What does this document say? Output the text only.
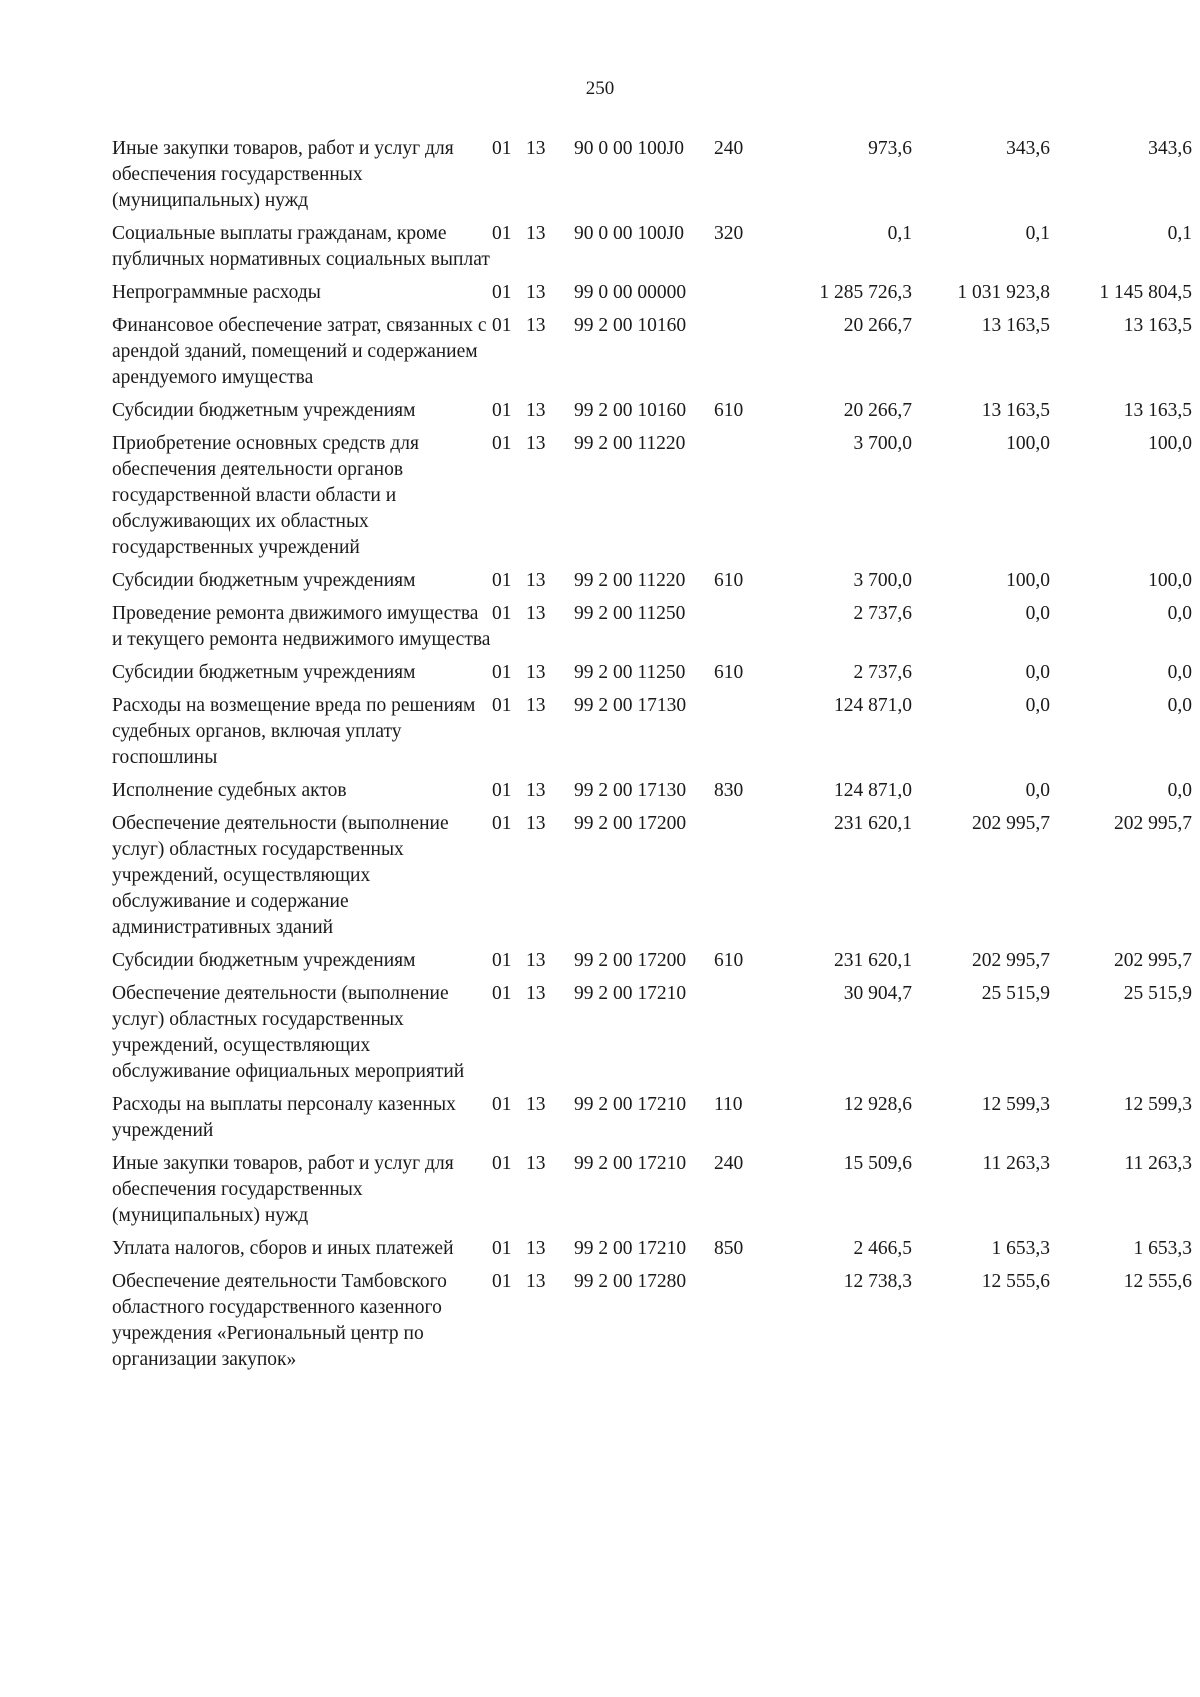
250
Иные закупки товаров, работ и услуг для обеспечения государственных (муниципальных) нужд	01	13	90 0 00 100J0	240	973,6	343,6	343,6
Социальные выплаты гражданам, кроме публичных нормативных социальных выплат	01	13	90 0 00 100J0	320	0,1	0,1	0,1
Непрограммные расходы	01	13	99 0 00 00000		1 285 726,3	1 031 923,8	1 145 804,5
Финансовое обеспечение затрат, связанных с арендой зданий, помещений и содержанием арендуемого имущества	01	13	99 2 00 10160		20 266,7	13 163,5	13 163,5
Субсидии бюджетным учреждениям	01	13	99 2 00 10160	610	20 266,7	13 163,5	13 163,5
Приобретение основных средств для обеспечения деятельности органов государственной власти области и обслуживающих их областных государственных учреждений	01	13	99 2 00 11220		3 700,0	100,0	100,0
Субсидии бюджетным учреждениям	01	13	99 2 00 11220	610	3 700,0	100,0	100,0
Проведение ремонта движимого имущества и текущего ремонта недвижимого имущества	01	13	99 2 00 11250		2 737,6	0,0	0,0
Субсидии бюджетным учреждениям	01	13	99 2 00 11250	610	2 737,6	0,0	0,0
Расходы на возмещение вреда по решениям судебных органов, включая уплату госпошлины	01	13	99 2 00 17130		124 871,0	0,0	0,0
Исполнение судебных актов	01	13	99 2 00 17130	830	124 871,0	0,0	0,0
Обеспечение деятельности (выполнение услуг) областных государственных учреждений, осуществляющих обслуживание и содержание административных зданий	01	13	99 2 00 17200		231 620,1	202 995,7	202 995,7
Субсидии бюджетным учреждениям	01	13	99 2 00 17200	610	231 620,1	202 995,7	202 995,7
Обеспечение деятельности (выполнение услуг) областных государственных учреждений, осуществляющих обслуживание официальных мероприятий	01	13	99 2 00 17210		30 904,7	25 515,9	25 515,9
Расходы на выплаты персоналу казенных учреждений	01	13	99 2 00 17210	110	12 928,6	12 599,3	12 599,3
Иные закупки товаров, работ и услуг для обеспечения государственных (муниципальных) нужд	01	13	99 2 00 17210	240	15 509,6	11 263,3	11 263,3
Уплата налогов, сборов и иных платежей	01	13	99 2 00 17210	850	2 466,5	1 653,3	1 653,3
Обеспечение деятельности Тамбовского областного государственного казенного учреждения «Региональный центр по организации закупок»	01	13	99 2 00 17280		12 738,3	12 555,6	12 555,6
